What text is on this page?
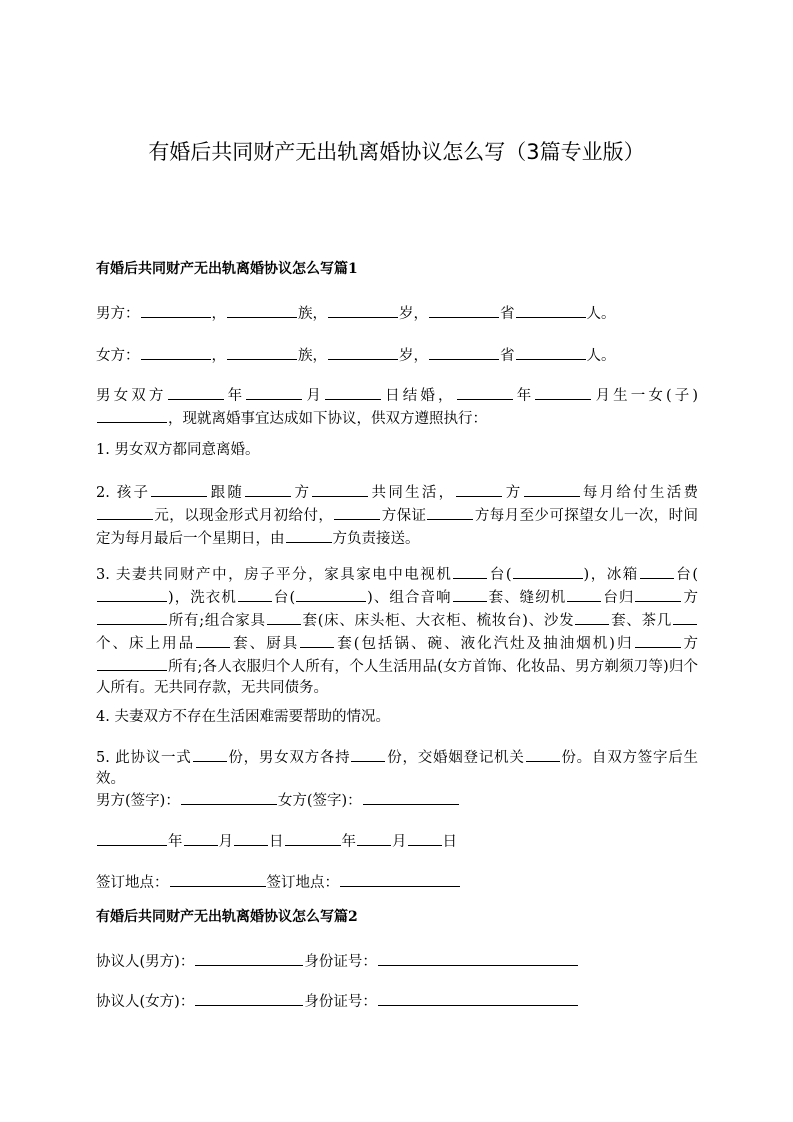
有婚后共同财产无出轨离婚协议怎么写（3篇专业版）
有婚后共同财产无出轨离婚协议怎么写篇1
男方：	，	族，	岁，	省	人。
女方：	，	族，	岁，	省	人。
男女双方	年	月	日结婚，	年	月生一女(子)，现就离婚事宜达成如下协议，供双方遵照执行：
1. 男女双方都同意离婚。
2. 孩子	跟随	方	共同生活，	方	每月给付生活费元，以现金形式月初给付，	方保证	方每月至少可探望女儿一次，时间定为每月最后一个星期日，由	方负责接送。
3. 夫妻共同财产中，房子平分，家具家电中电视机 台(	)，冰箱 台()，洗衣机 台(	)、组合音响 套、缝纫机 台归	方所有;组合家具 套(床、床头柜、大衣柜、梳妆台)、沙发 套、茶几个、床上用品 套、厨具 套(包括锅、碗、液化汽灶及抽油烟机)归	方所有;各人衣服归个人所有，个人生活用品(女方首饰、化妆品、男方剃须刀等)归个人所有。无共同存款，无共同债务。
4. 夫妻双方不存在生活困难需要帮助的情况。
5. 此协议一式 份，男女双方各持 份，交婚姻登记机关 份。自双方签字后生效。
男方(签字)：	女方(签字)：
年 月 日	年 月 日
签订地点：	签订地点：
有婚后共同财产无出轨离婚协议怎么写篇2
协议人(男方)：	身份证号：
协议人(女方)：	身份证号：
